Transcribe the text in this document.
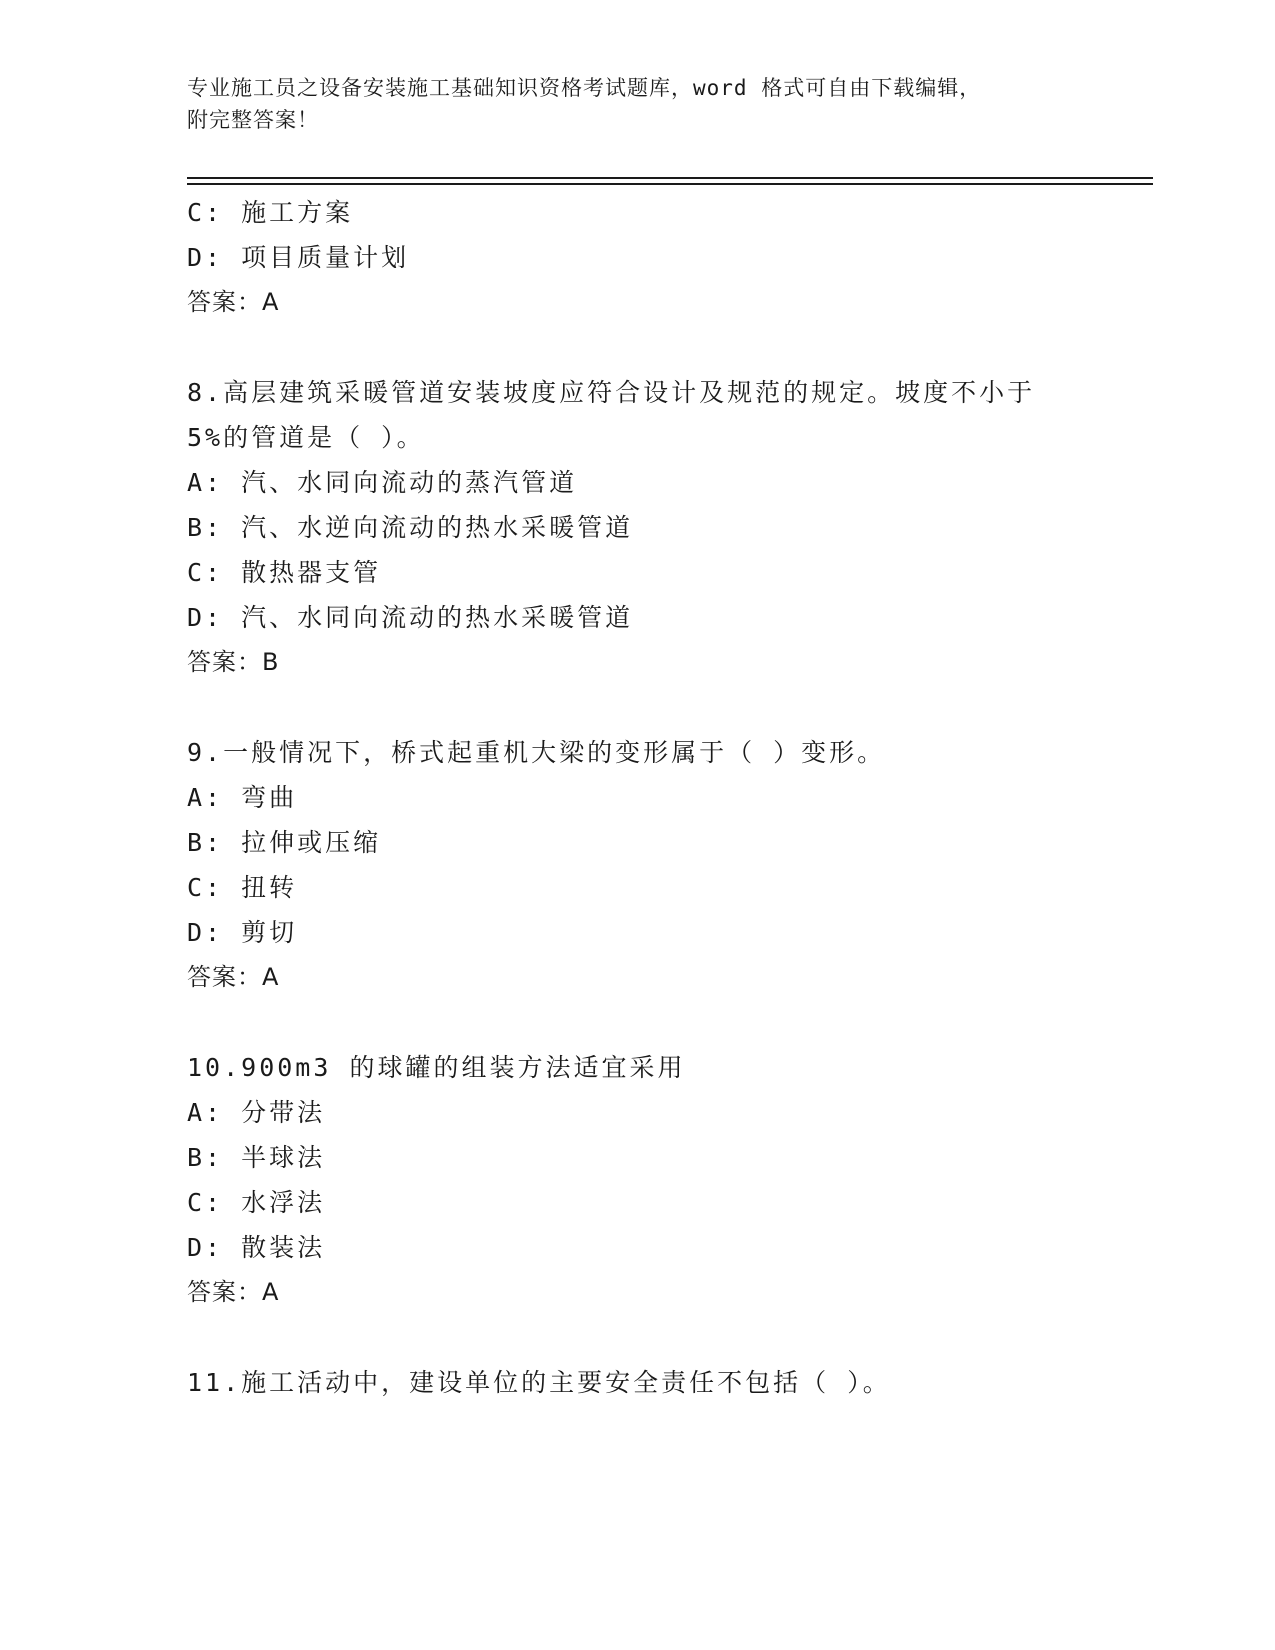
专业施工员之设备安装施工基础知识资格考试题库，word 格式可自由下载编辑，
附完整答案！
C: 施工方案
D: 项目质量计划
答案：A
8.高层建筑采暖管道安装坡度应符合设计及规范的规定。坡度不小于
5%的管道是（ ）。
A: 汽、水同向流动的蒸汽管道
B: 汽、水逆向流动的热水采暖管道
C: 散热器支管
D: 汽、水同向流动的热水采暖管道
答案：B
9.一般情况下，桥式起重机大梁的变形属于（ ）变形。
A: 弯曲
B: 拉伸或压缩
C: 扭转
D: 剪切
答案：A
10.900m3 的球罐的组装方法适宜采用
A: 分带法
B: 半球法
C: 水浮法
D: 散装法
答案：A
11.施工活动中，建设单位的主要安全责任不包括（ ）。
